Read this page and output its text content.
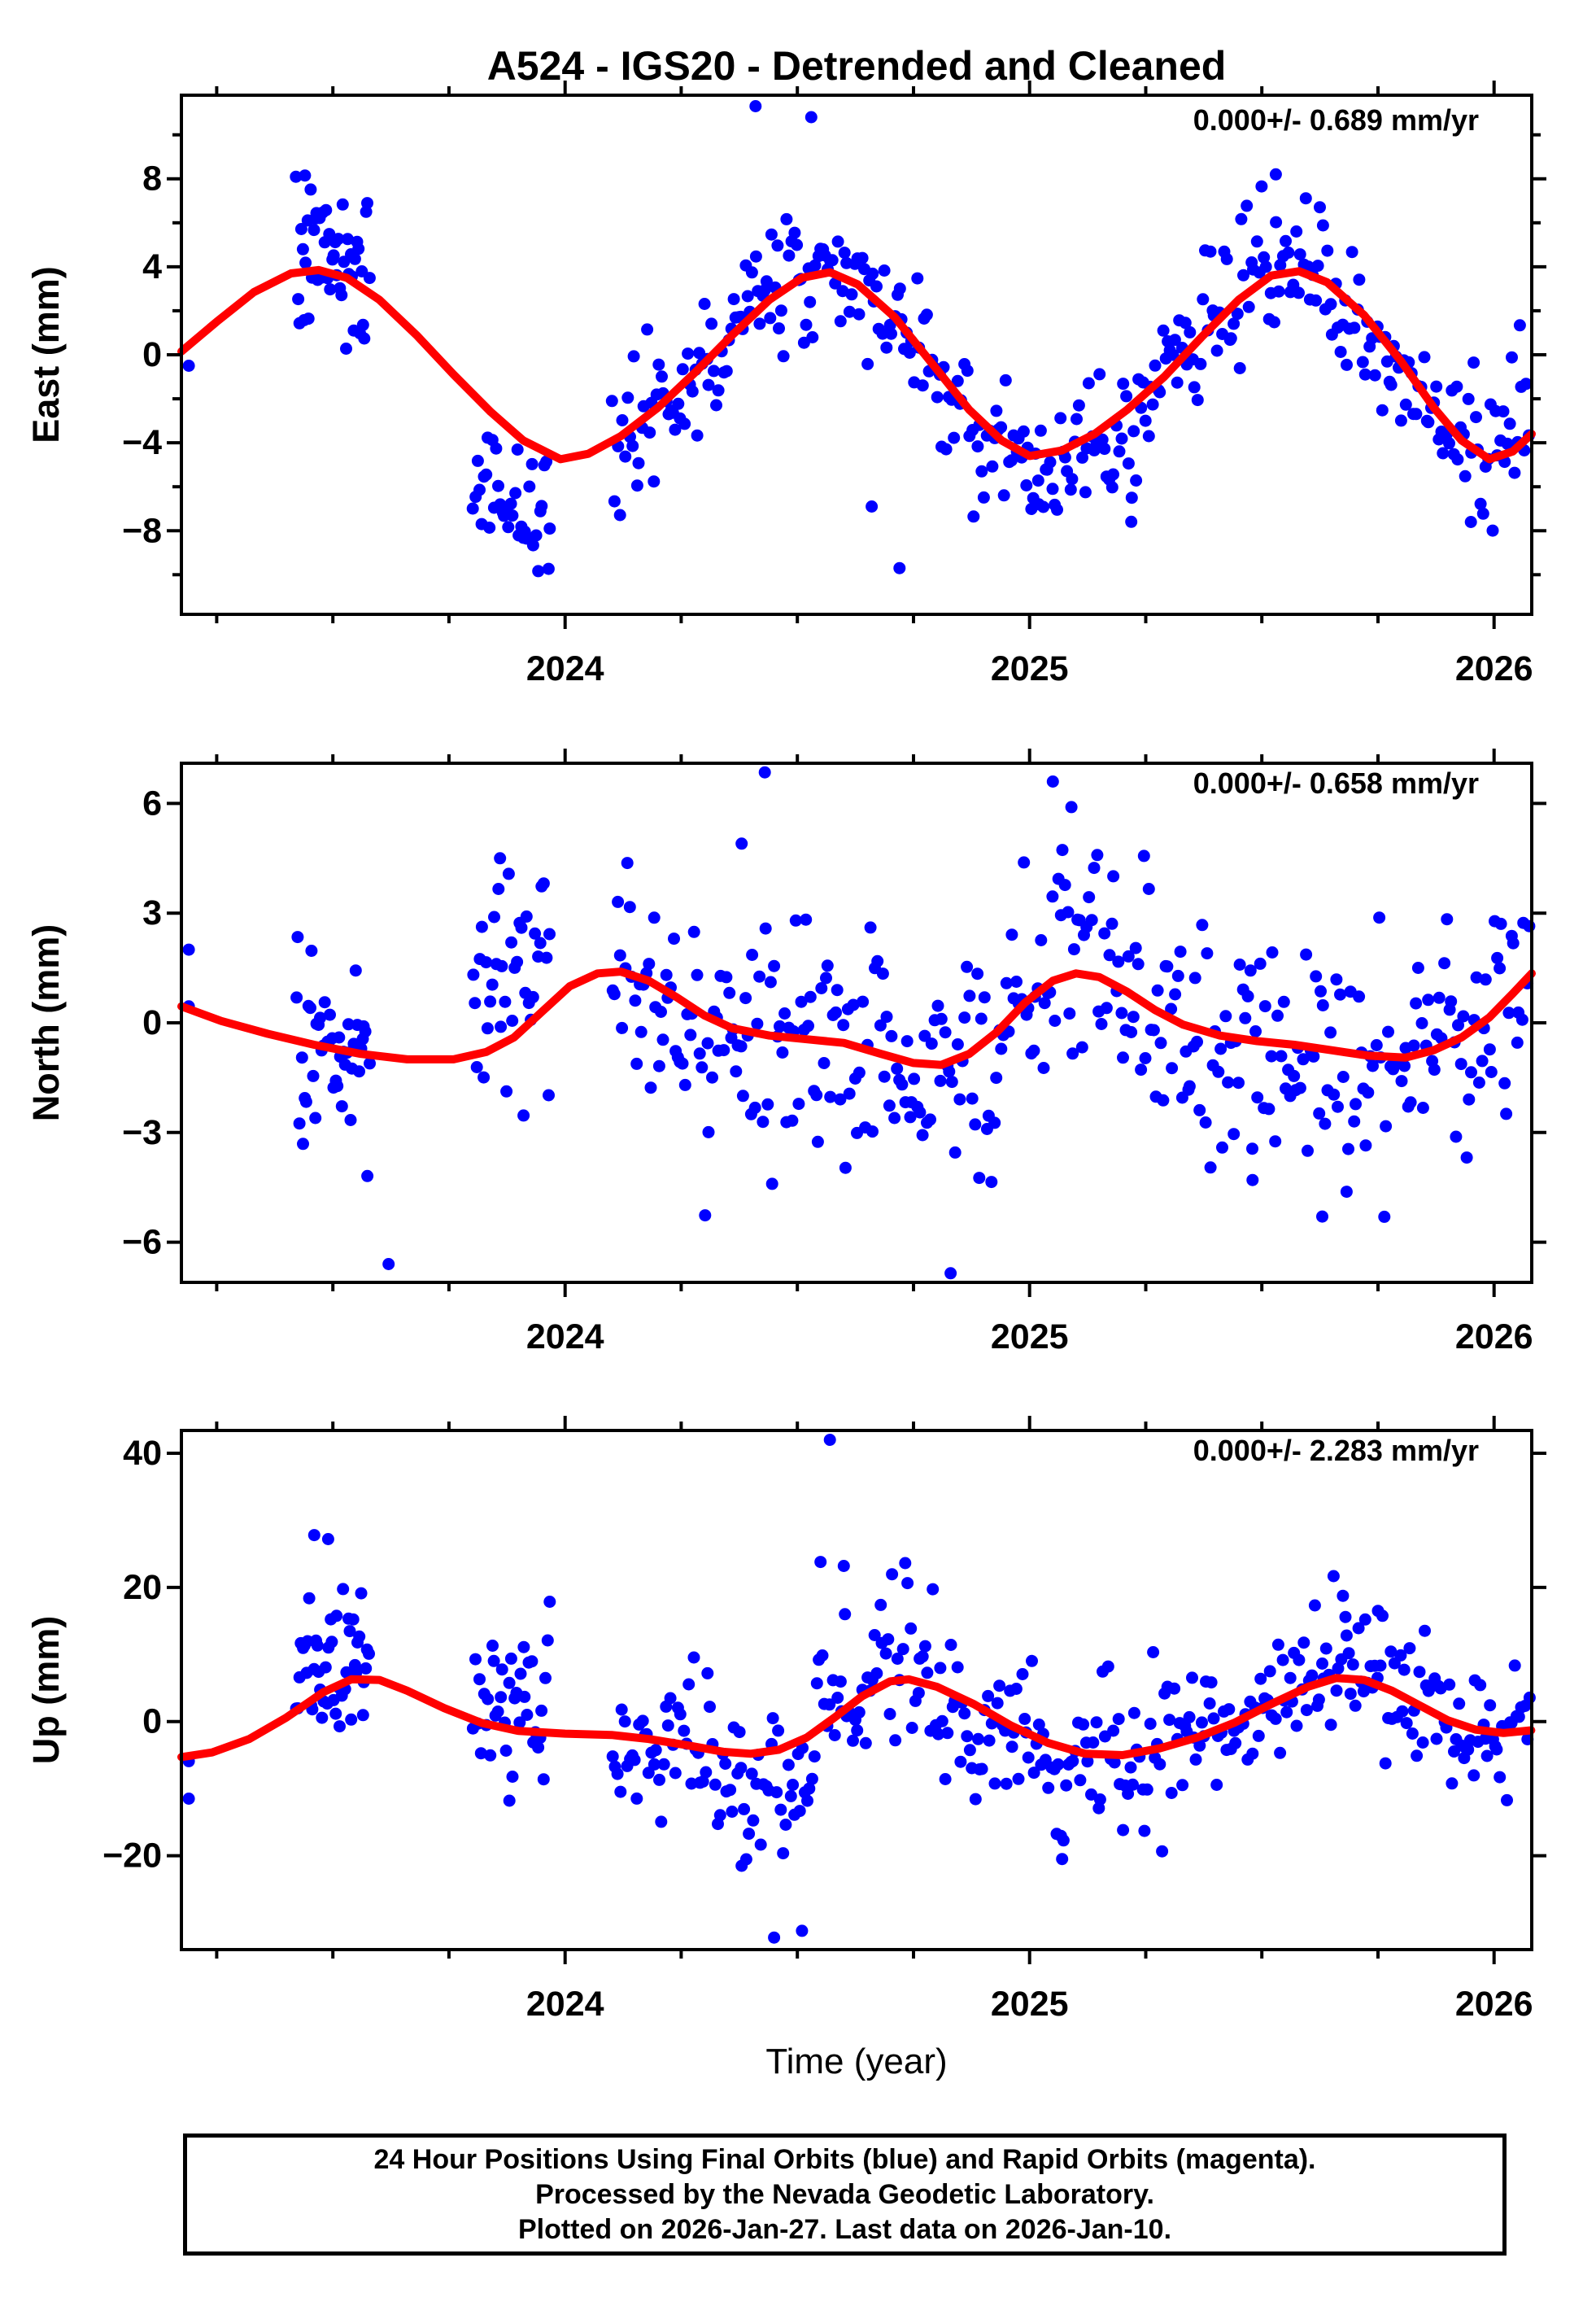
A524 - IGS20 - Detrended and Cleaned
2024	2025	2026
8
4
0
−4
−8
East (mm)
0.000+/- 0.689 mm/yr
2024	2025	2026
6
3
0
−3
−6
North (mm)
0.000+/- 0.658 mm/yr
2024	2025	2026
40
20
0
−20
Up (mm)
0.000+/- 2.283 mm/yr
Time (year)
24 Hour Positions Using Final Orbits (blue) and Rapid Orbits (magenta).
Processed by the Nevada Geodetic Laboratory.
Plotted on 2026-Jan-27. Last data on 2026-Jan-10.
